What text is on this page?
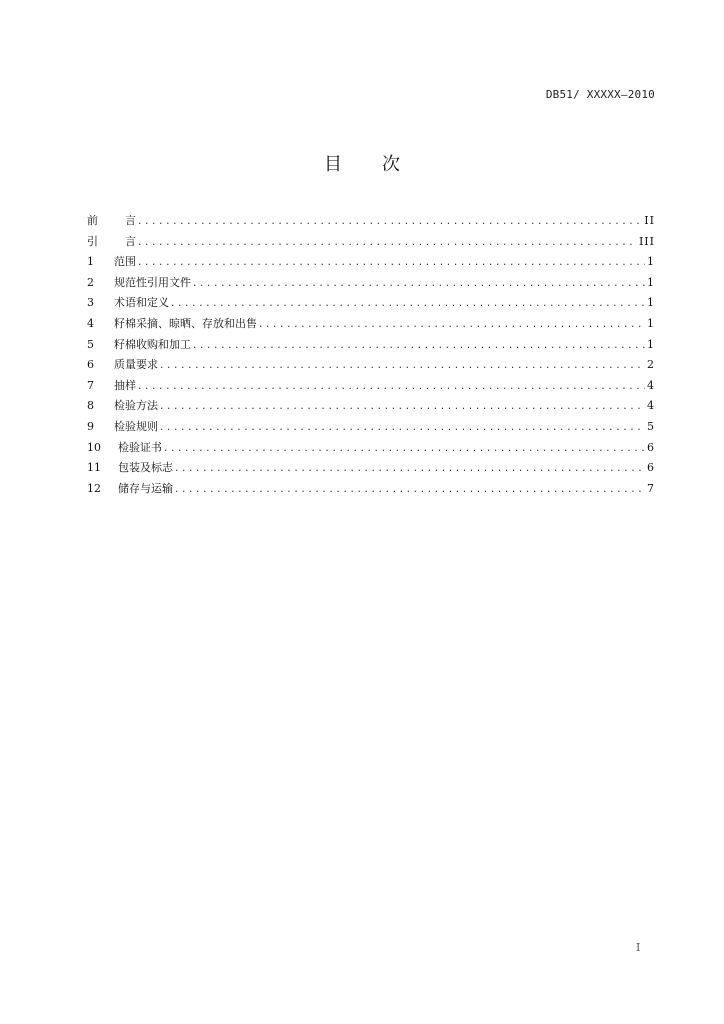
DB51/ XXXXX—2010
目 次
前	言 .....	II
引	言 .....	III
1	范围 .....	1
2	规范性引用文件 .....	1
3	术语和定义 .....	1
4	籽棉采摘、晾晒、存放和出售 .....	1
5	籽棉收购和加工 .....	1
6	质量要求 .....	2
7	抽样 .....	4
8	检验方法 .....	4
9	检验规则 .....	5
10	检验证书 .....	6
11	包装及标志 .....	6
12	储存与运输 .....	7
I
